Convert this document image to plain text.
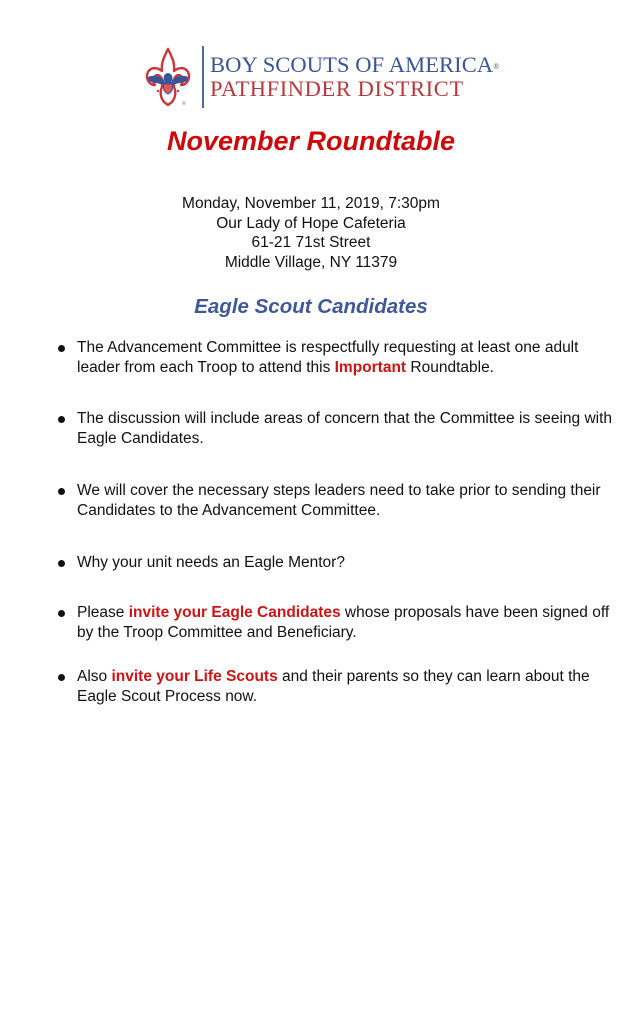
®
BOY SCOUTS OF AMERICA®
PATHFINDER DISTRICT
November Roundtable
Monday, November 11, 2019, 7:30pm
Our Lady of Hope Cafeteria
61-21 71st Street
Middle Village, NY 11379
Eagle Scout Candidates
The Advancement Committee is respectfully requesting at least one adult leader from each Troop to attend this Important Roundtable.
The discussion will include areas of concern that the Committee is seeing with Eagle Candidates.
We will cover the necessary steps leaders need to take prior to sending their Candidates to the Advancement Committee.
Why your unit needs an Eagle Mentor?
Please invite your Eagle Candidates whose proposals have been signed off by the Troop Committee and Beneficiary.
Also invite your Life Scouts and their parents so they can learn about the Eagle Scout Process now.
